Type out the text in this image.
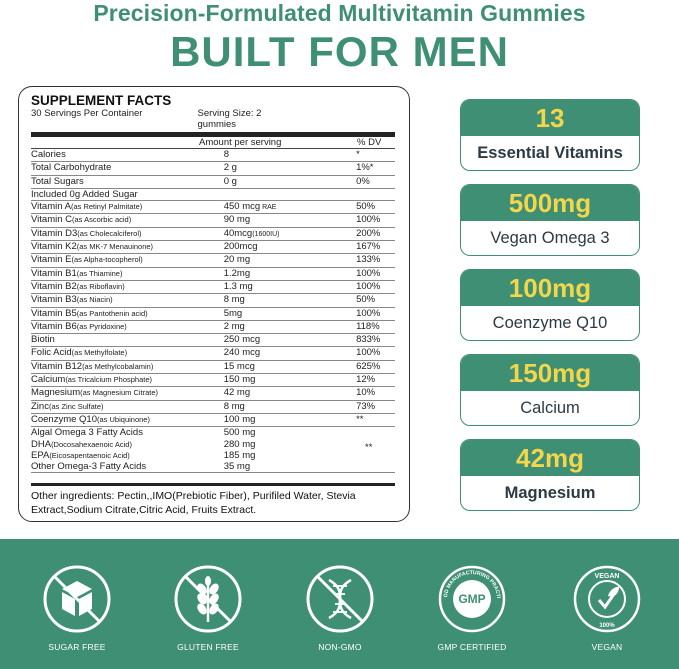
Precision-Formulated Multivitamin Gummies
BUILT FOR MEN
SUPPLEMENT FACTS
30 Servings Per Container	Serving Size: 2 gummies
Amount per serving	% DV
Calories	8	*
Total Carbohydrate	2 g	1%*
Total Sugars	0 g	0%
Included 0g Added Sugar
Vitamin A(as Retinyl Palmitate)	450 mcg RAE	50%
Vitamin C(as Ascorbic acid)	90 mg	100%
Vitamin D3(as Cholecalciferol)	40mcg(1600IU)	200%
Vitamin K2(as MK-7 Menauinone)	200mcg	167%
Vitamin E(as Alpha-tocopherol)	20 mg	133%
Vitamin B1(as Thiamine)	1.2mg	100%
Vitamin B2(as Riboflavin)	1.3 mg	100%
Vitamin B3(as Niacin)	8 mg	50%
Vitamin B5(as Pantothenin acid)	5mg	100%
Vitamin B6(as Pyridoxine)	2 mg	118%
Biotin	250 mcg	833%
Folic Acid(as Methylfolate)	240 mcg	100%
Vitamin B12(as Methylcobalamin)	15 mcg	625%
Calcium(as Tricalcium Phosphate)	150 mg	12%
Magnesium(as Magnesium Citrate)	42 mg	10%
Zinc(as Zinc Sulfate)	8 mg	73%
Coenzyme Q10(as Ubiquinone)	100 mg	**
Algal Omega 3 Fatty Acids	500 mg
DHA(Docosahexaenoic Acid)	280 mg
EPA(Eicosapentaenoic Acid)	185 mg
Other Omega-3 Fatty Acids	35 mg
**
Other ingredients: Pectin,,IMO(Prebiotic Fiber), Purifiled Water, Stevia Extract,Sodium Citrate,Citric Acid, Fruits Extract.
13
Essential Vitamins
500mg
Vegan Omega 3
100mg
Coenzyme Q10
150mg
Calcium
42mg
Magnesium
SUGAR FREE	GLUTEN FREE	NON-GMO
OD MANUFACTURING PRACTI
GMP
GMP CERTIFIED
VEGAN
100%
VEGAN
